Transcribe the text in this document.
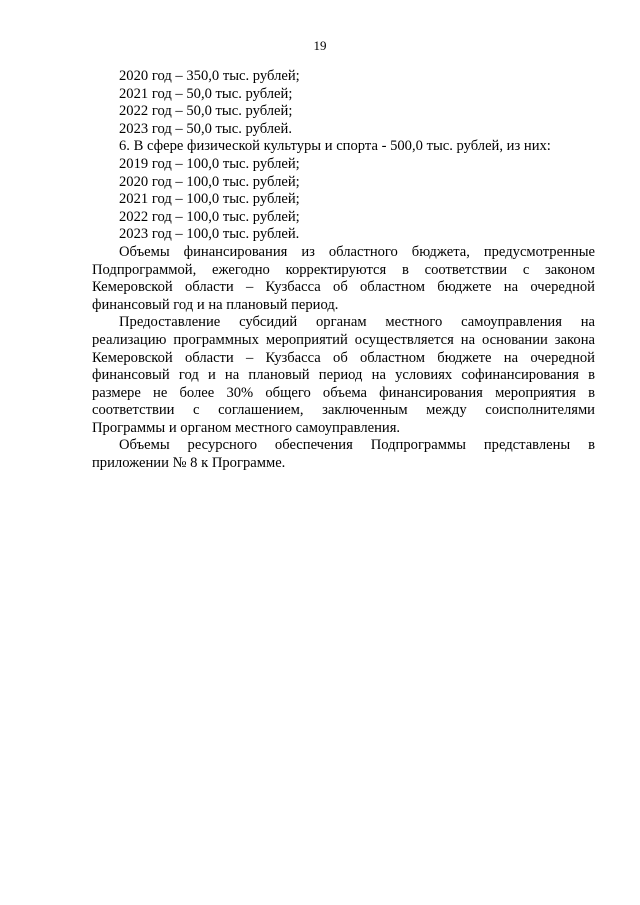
19

2020 год – 350,0 тыс. рублей;

2021 год – 50,0 тыс. рублей;

2022 год – 50,0 тыс. рублей;

2023 год – 50,0 тыс. рублей.

6. В сфере физической культуры и спорта - 500,0 тыс. рублей, из них:

2019 год – 100,0 тыс. рублей;

2020 год – 100,0 тыс. рублей;

2021 год – 100,0 тыс. рублей;

2022 год – 100,0 тыс. рублей;

2023 год – 100,0 тыс. рублей.

Объемы финансирования из областного бюджета, предусмотренные Подпрограммой, ежегодно корректируются в соответствии с законом Кемеровской области – Кузбасса об областном бюджете на очередной финансовый год и на плановый период.

Предоставление субсидий органам местного самоуправления на реализацию программных мероприятий осуществляется на основании закона Кемеровской области – Кузбасса об областном бюджете на очередной финансовый год и на плановый период на условиях софинансирования в размере не более 30% общего объема финансирования мероприятия в соответствии с соглашением, заключенным между соисполнителями Программы и органом местного самоуправления.

Объемы ресурсного обеспечения Подпрограммы представлены в приложении № 8 к Программе.
